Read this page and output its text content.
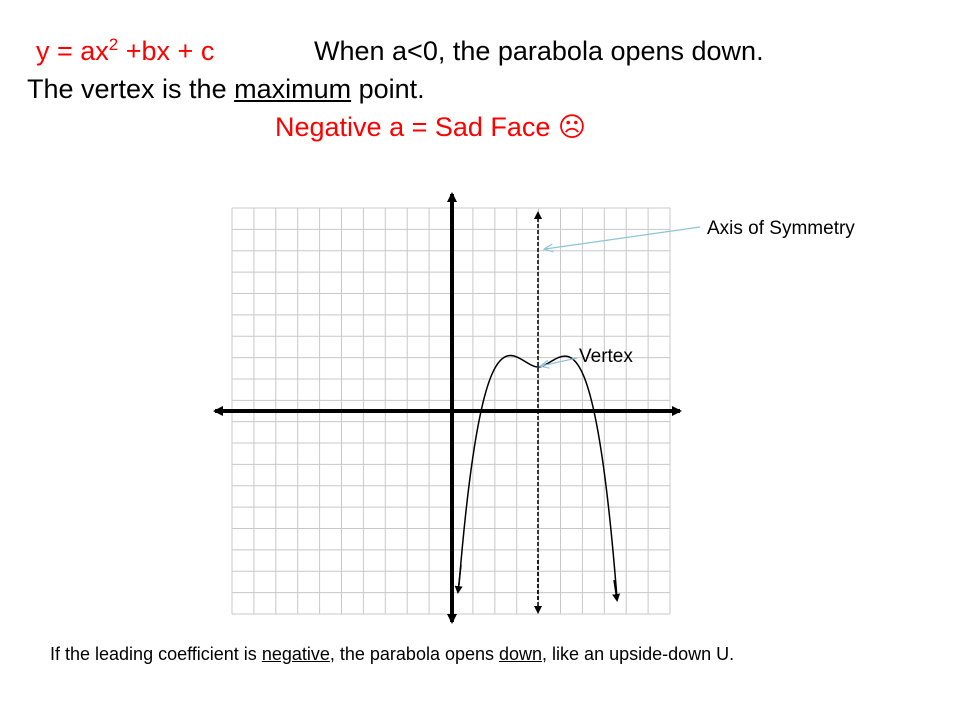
$y = ax^2 +bx + c$	When a<0, the parabola opens down.
The vertex is the maximum point.
Negative a = Sad Face ☹
Axis of Symmetry
Vertex
If the leading coefficient is negative, the parabola opens down, like an upside-down U.
